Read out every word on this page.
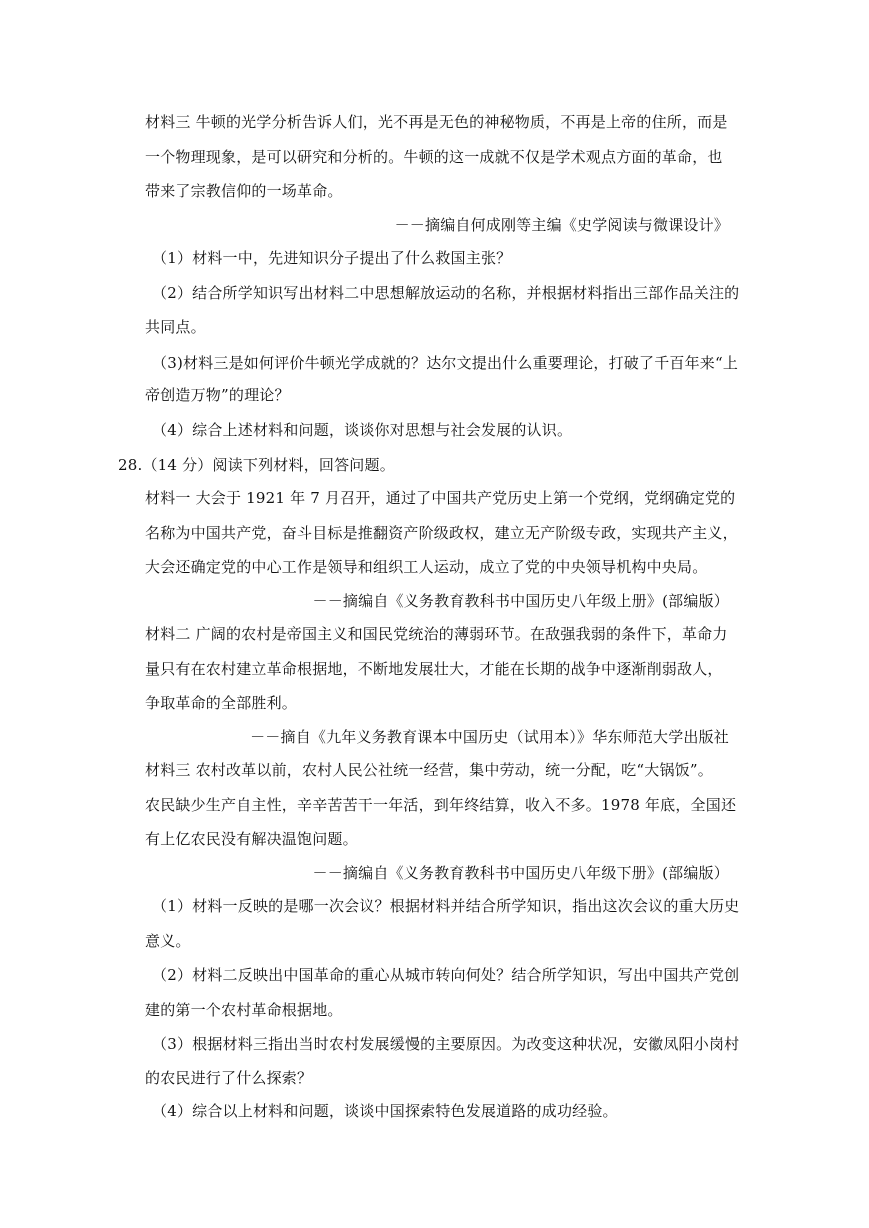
材料三 牛顿的光学分析告诉人们，光不再是无色的神秘物质，不再是上帝的住所，而是
一个物理现象，是可以研究和分析的。牛顿的这一成就不仅是学术观点方面的革命，也
带来了宗教信仰的一场革命。
－－摘编自何成刚等主编《史学阅读与微课设计》
（1）材料一中，先进知识分子提出了什么救国主张？
（2）结合所学知识写出材料二中思想解放运动的名称，并根据材料指出三部作品关注的
共同点。
（3)材料三是如何评价牛顿光学成就的？达尔文提出什么重要理论，打破了千百年来“上
帝创造万物”的理论？
（4）综合上述材料和问题，谈谈你对思想与社会发展的认识。
28.（14 分）阅读下列材料，回答问题。
材料一 大会于 1921 年 7 月召开，通过了中国共产党历史上第一个党纲，党纲确定党的
名称为中国共产党，奋斗目标是推翻资产阶级政权，建立无产阶级专政，实现共产主义，
大会还确定党的中心工作是领导和组织工人运动，成立了党的中央领导机构中央局。
－－摘编自《义务教育教科书中国历史八年级上册》(部编版）
材料二 广阔的农村是帝国主义和国民党统治的薄弱环节。在敌强我弱的条件下，革命力
量只有在农村建立革命根据地，不断地发展壮大，才能在长期的战争中逐渐削弱敌人，
争取革命的全部胜利。
－－摘自《九年义务教育课本中国历史（试用本）》华东师范大学出版社
材料三 农村改革以前，农村人民公社统一经营，集中劳动，统一分配，吃“大锅饭”。
农民缺少生产自主性，辛辛苦苦干一年活，到年终结算，收入不多。1978 年底，全国还
有上亿农民没有解决温饱问题。
－－摘编自《义务教育教科书中国历史八年级下册》(部编版）
（1）材料一反映的是哪一次会议？根据材料并结合所学知识，指出这次会议的重大历史
意义。
（2）材料二反映出中国革命的重心从城市转向何处？结合所学知识，写出中国共产党创
建的第一个农村革命根据地。
（3）根据材料三指出当时农村发展缓慢的主要原因。为改变这种状况，安徽凤阳小岗村
的农民进行了什么探索？
（4）综合以上材料和问题，谈谈中国探索特色发展道路的成功经验。
